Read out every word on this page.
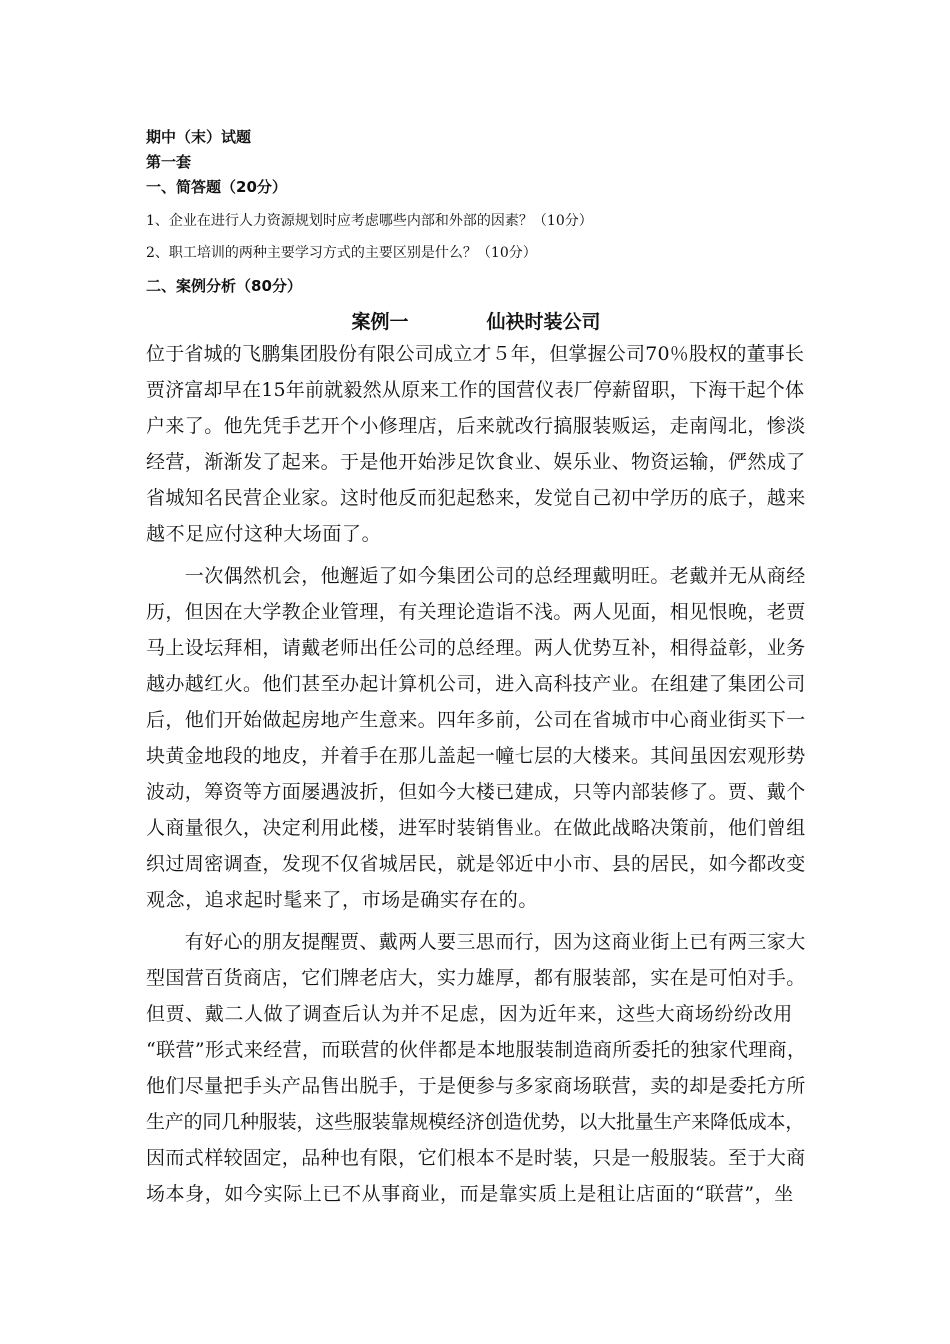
期中（末）试题
第一套
一、简答题（20分）
1、企业在进行人力资源规划时应考虑哪些内部和外部的因素？（10分）
2、职工培训的两种主要学习方式的主要区别是什么？（10分）
二、案例分析（80分）
案例一	仙袂时装公司
位于省城的飞鹏集团股份有限公司成立才５年，但掌握公司70％股权的董事长
贾济富却早在15年前就毅然从原来工作的国营仪表厂停薪留职，下海干起个体
户来了。他先凭手艺开个小修理店，后来就改行搞服装贩运，走南闯北，惨淡
经营，渐渐发了起来。于是他开始涉足饮食业、娱乐业、物资运输，俨然成了
省城知名民营企业家。这时他反而犯起愁来，发觉自己初中学历的底子，越来
越不足应付这种大场面了。
　　一次偶然机会，他邂逅了如今集团公司的总经理戴明旺。老戴并无从商经
历，但因在大学教企业管理，有关理论造诣不浅。两人见面，相见恨晚，老贾
马上设坛拜相，请戴老师出任公司的总经理。两人优势互补，相得益彰，业务
越办越红火。他们甚至办起计算机公司，进入高科技产业。在组建了集团公司
后，他们开始做起房地产生意来。四年多前，公司在省城市中心商业街买下一
块黄金地段的地皮，并着手在那儿盖起一幢七层的大楼来。其间虽因宏观形势
波动，筹资等方面屡遇波折，但如今大楼已建成，只等内部装修了。贾、戴个
人商量很久，决定利用此楼，进军时装销售业。在做此战略决策前，他们曾组
织过周密调查，发现不仅省城居民，就是邻近中小市、县的居民，如今都改变
观念，追求起时髦来了，市场是确实存在的。
　　有好心的朋友提醒贾、戴两人要三思而行，因为这商业街上已有两三家大
型国营百货商店，它们牌老店大，实力雄厚，都有服装部，实在是可怕对手。
但贾、戴二人做了调查后认为并不足虑，因为近年来，这些大商场纷纷改用
“联营”形式来经营，而联营的伙伴都是本地服装制造商所委托的独家代理商，
他们尽量把手头产品售出脱手，于是便参与多家商场联营，卖的却是委托方所
生产的同几种服装，这些服装靠规模经济创造优势，以大批量生产来降低成本，
因而式样较固定，品种也有限，它们根本不是时装，只是一般服装。至于大商
场本身，如今实际上已不从事商业，而是靠实质上是租让店面的“联营”，坐
